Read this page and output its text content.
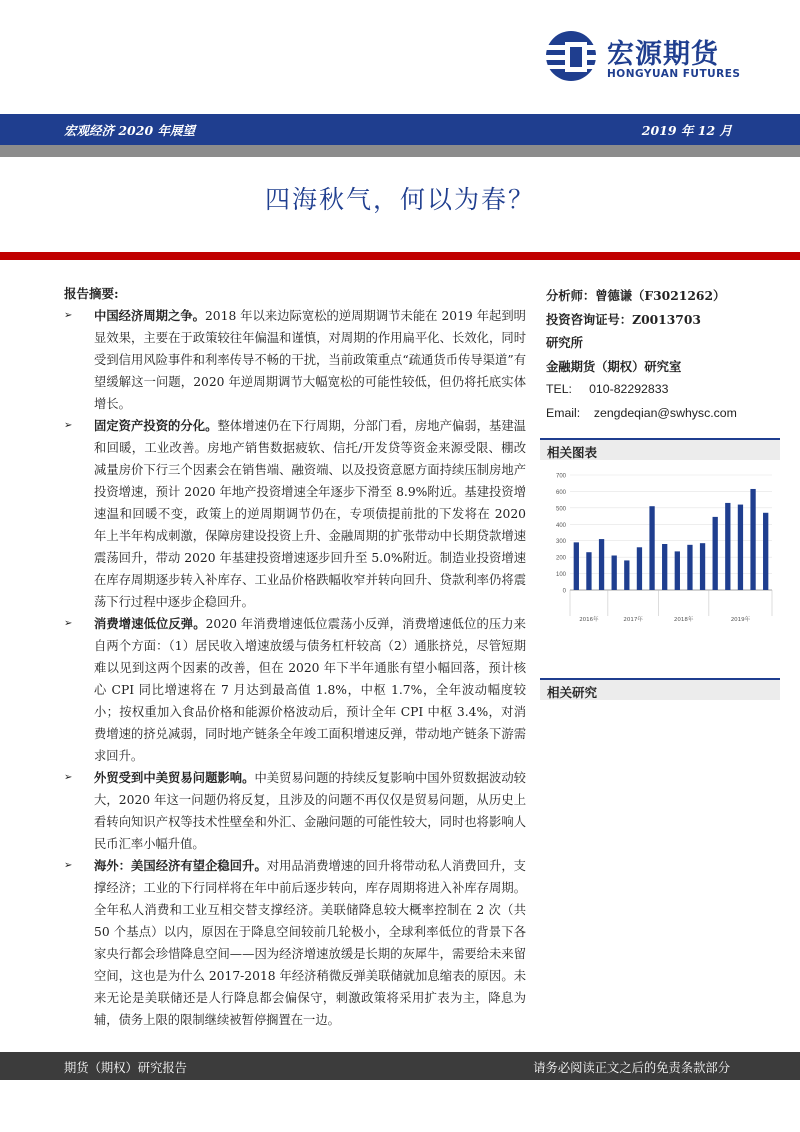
宏源期货
HONGYUAN FUTURES
宏观经济 2020 年展望	2019 年 12 月
四海秋气，何以为春？
报告摘要:
➢ 中国经济周期之争。2018 年以来边际宽松的逆周期调节未能在 2019 年起到明显效果，主要在于政策较往年偏温和谨慎，对周期的作用扁平化、长效化，同时受到信用风险事件和利率传导不畅的干扰，当前政策重点“疏通货币传导渠道”有望缓解这一问题，2020 年逆周期调节大幅宽松的可能性较低，但仍将托底实体增长。
➢ 固定资产投资的分化。整体增速仍在下行周期，分部门看，房地产偏弱，基建温和回暖，工业改善。房地产销售数据疲软、信托/开发贷等资金来源受限、棚改减量房价下行三个因素会在销售端、融资端、以及投资意愿方面持续压制房地产投资增速，预计 2020 年地产投资增速全年逐步下滑至 8.9%附近。基建投资增速温和回暖不变，政策上的逆周期调节仍在，专项债提前批的下发将在 2020 年上半年构成刺激，保障房建设投资上升、金融周期的扩张带动中长期贷款增速震荡回升，带动 2020 年基建投资增速逐步回升至 5.0%附近。制造业投资增速在库存周期逐步转入补库存、工业品价格跌幅收窄并转向回升、贷款利率仍将震荡下行过程中逐步企稳回升。
➢ 消费增速低位反弹。2020 年消费增速低位震荡小反弹，消费增速低位的压力来自两个方面：（1）居民收入增速放缓与债务杠杆较高（2）通胀挤兑，尽管短期难以见到这两个因素的改善，但在 2020 年下半年通胀有望小幅回落，预计核心 CPI 同比增速将在 7 月达到最高值 1.8%，中枢 1.7%，全年波动幅度较小；按权重加入食品价格和能源价格波动后，预计全年 CPI 中枢 3.4%，对消费增速的挤兑减弱，同时地产链条全年竣工面积增速反弹，带动地产链条下游需求回升。
➢ 外贸受到中美贸易问题影响。中美贸易问题的持续反复影响中国外贸数据波动较大，2020 年这一问题仍将反复，且涉及的问题不再仅仅是贸易问题，从历史上看转向知识产权等技术性壁垒和外汇、金融问题的可能性较大，同时也将影响人民币汇率小幅升值。
➢ 海外：美国经济有望企稳回升。对用品消费增速的回升将带动私人消费回升，支撑经济；工业的下行同样将在年中前后逐步转向，库存周期将进入补库存周期。全年私人消费和工业互相交替支撑经济。美联储降息较大概率控制在 2 次（共 50 个基点）以内，原因在于降息空间较前几轮极小，全球利率低位的背景下各家央行都会珍惜降息空间——因为经济增速放缓是长期的灰犀牛，需要给未来留空间，这也是为什么 2017-2018 年经济稍微反弹美联储就加息缩表的原因。未来无论是美联储还是人行降息都会偏保守，刺激政策将采用扩表为主，降息为辅，债务上限的限制继续被暂停搁置在一边。
分析师：曾德谦（F3021262）
投资咨询证号：Z0013703
研究所
金融期货（期权）研究室
TEL: 010-82292833
Email: zengdeqian@swhysc.com
相关图表
700
600
500
400
300
200
100
0
2016年	2017年	2018年	2019年
相关研究
期货（期权）研究报告	请务必阅读正文之后的免责条款部分
